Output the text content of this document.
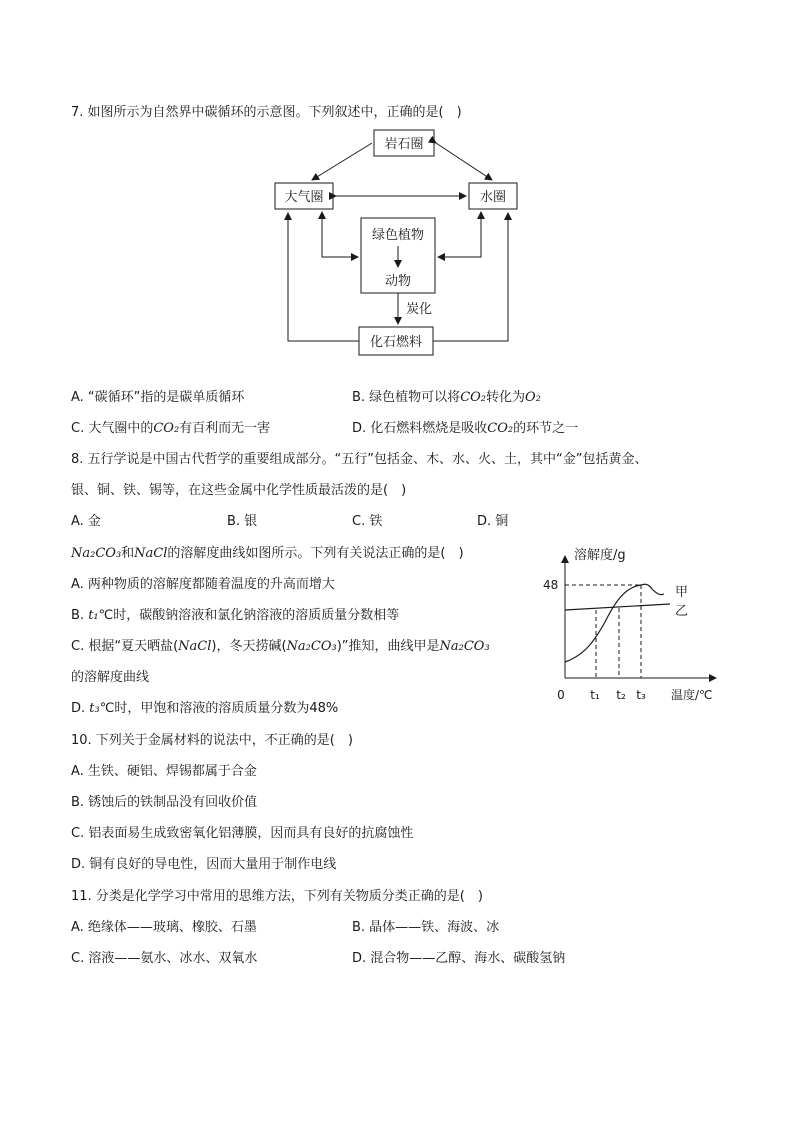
7. 如图所示为自然界中碳循环的示意图。下列叙述中，正确的是(　)
岩石圈
大气圈	水圈
绿色植物
动物
化石燃料
炭化
A. “碳循环”指的是碳单质循环	B. 绿色植物可以将CO₂转化为O₂
C. 大气圈中的CO₂有百利而无一害	D. 化石燃料燃烧是吸收CO₂的环节之一
8. 五行学说是中国古代哲学的重要组成部分。“五行”包括金、木、水、火、土，其中“金”包括黄金、
银、铜、铁、锡等，在这些金属中化学性质最活泼的是(　)
A. 金	B. 银	C. 铁	D. 铜
Na₂CO₃和NaCl的溶解度曲线如图所示。下列有关说法正确的是(　)
A. 两种物质的溶解度都随着温度的升高而增大
B. t₁℃时，碳酸钠溶液和氯化钠溶液的溶质质量分数相等
C. 根据“夏天晒盐(NaCl)，冬天捞碱(Na₂CO₃)”推知，曲线甲是Na₂CO₃
的溶解度曲线
D. t₃℃时，甲饱和溶液的溶质质量分数为48%
溶解度/g
0
48	甲
乙
t₁ t₂ t₃ 温度/℃
10. 下列关于金属材料的说法中，不正确的是(　)
A. 生铁、硬铝、焊锡都属于合金
B. 锈蚀后的铁制品没有回收价值
C. 铝表面易生成致密氧化铝薄膜，因而具有良好的抗腐蚀性
D. 铜有良好的导电性，因而大量用于制作电线
11. 分类是化学学习中常用的思维方法，下列有关物质分类正确的是(　)
A. 绝缘体——玻璃、橡胶、石墨	B. 晶体——铁、海波、冰
C. 溶液——氨水、冰水、双氧水	D. 混合物——乙醇、海水、碳酸氢钠
